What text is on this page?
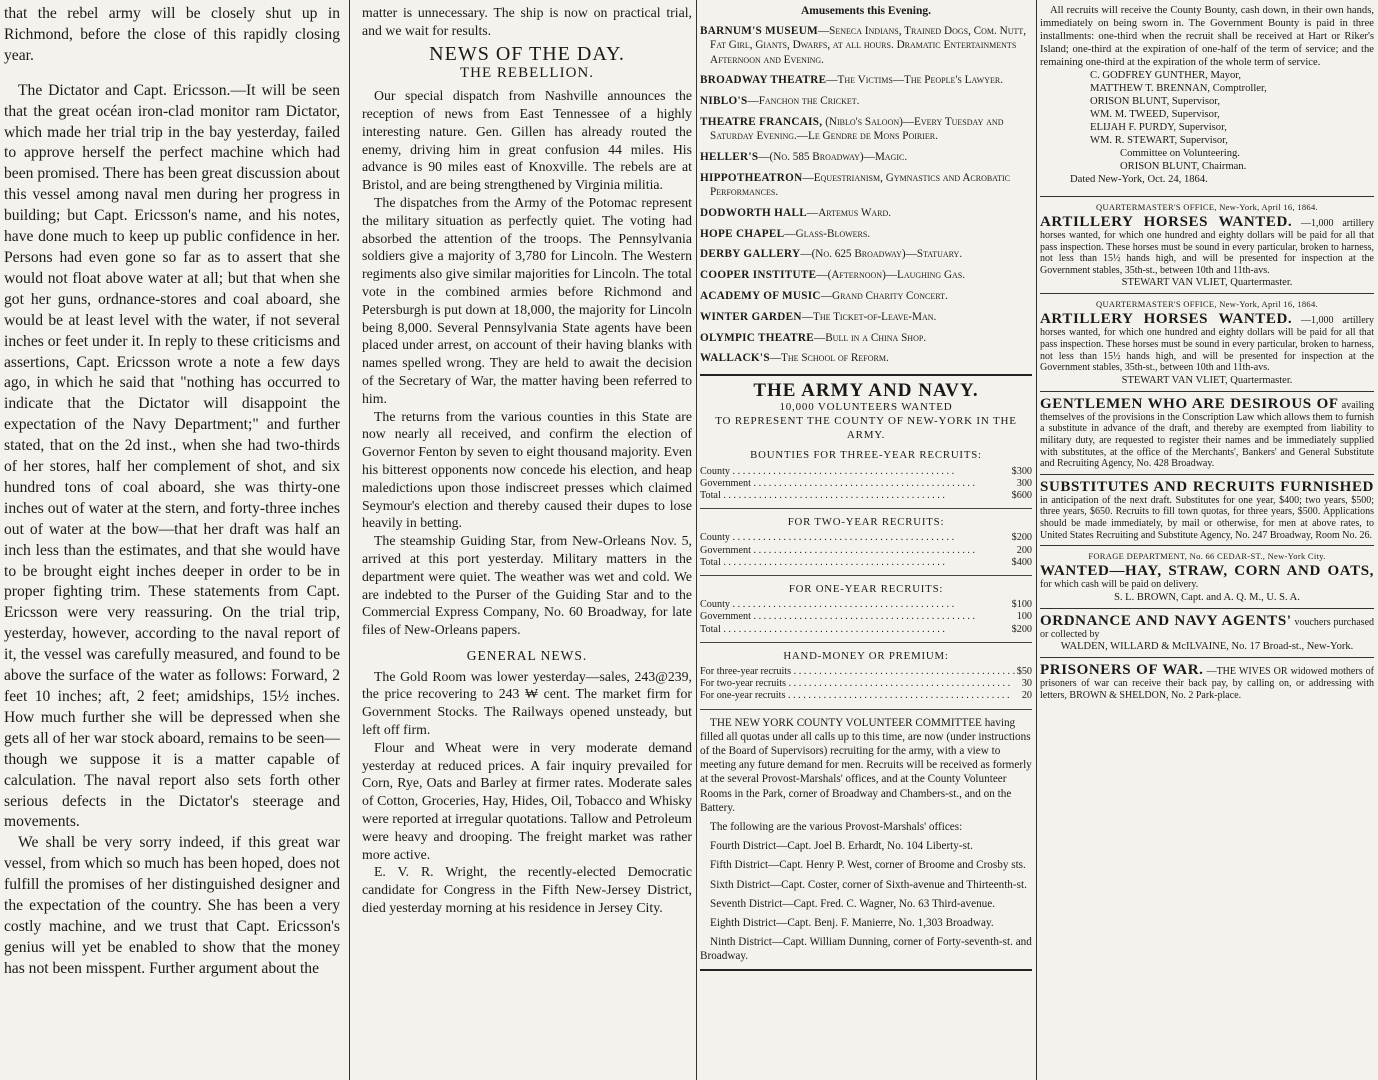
that the rebel army will be closely shut up in Richmond, before the close of this rapidly closing year.

The Dictator and Capt. Ericsson.—It will be seen that the great océan iron-clad monitor ram Dictator, which made her trial trip in the bay yesterday, failed to approve herself the perfect machine which had been promised. There has been great discussion about this vessel among naval men during her progress in building; but Capt. Ericsson's name, and his notes, have done much to keep up public confidence in her. Persons had even gone so far as to assert that she would not float above water at all; but that when she got her guns, ordnance-stores and coal aboard, she would be at least level with the water, if not several inches or feet under it. In reply to these criticisms and assertions, Capt. Ericsson wrote a note a few days ago, in which he said that "nothing has occurred to indicate that the Dictator will disappoint the expectation of the Navy Department;" and further stated, that on the 2d inst., when she had two-thirds of her stores, half her complement of shot, and six hundred tons of coal aboard, she was thirty-one inches out of water at the stern, and forty-three inches out of water at the bow—that her draft was half an inch less than the estimates, and that she would have to be brought eight inches deeper in order to be in proper fighting trim. These statements from Capt. Ericsson were very reassuring. On the trial trip, yesterday, however, according to the naval report of it, the vessel was carefully measured, and found to be above the surface of the water as follows: Forward, 2 feet 10 inches; aft, 2 feet; amidships, 15½ inches. How much further she will be depressed when she gets all of her war stock aboard, remains to be seen—though we suppose it is a matter capable of calculation. The naval report also sets forth other serious defects in the Dictator's steerage and movements.

We shall be very sorry indeed, if this great war vessel, from which so much has been hoped, does not fulfill the promises of her distinguished designer and the expectation of the country. She has been a very costly machine, and we trust that Capt. Ericsson's genius will yet be enabled to show that the money has not been misspent. Further argument about the

matter is unnecessary. The ship is now on practical trial, and we wait for results.

NEWS OF THE DAY.
THE REBELLION.

Our special dispatch from Nashville announces the reception of news from East Tennessee of a highly interesting nature. Gen. Gillen has already routed the enemy, driving him in great confusion 44 miles. His advance is 90 miles east of Knoxville. The rebels are at Bristol, and are being strengthened by Virginia militia.

The dispatches from the Army of the Potomac represent the military situation as perfectly quiet. The voting had absorbed the attention of the troops. The Pennsylvania soldiers give a majority of 3,780 for Lincoln. The Western regiments also give similar majorities for Lincoln. The total vote in the combined armies before Richmond and Petersburgh is put down at 18,000, the majority for Lincoln being 8,000. Several Pennsylvania State agents have been placed under arrest, on account of their having blanks with names spelled wrong. They are held to await the decision of the Secretary of War, the matter having been referred to him.

The returns from the various counties in this State are now nearly all received, and confirm the election of Governor Fenton by seven to eight thousand majority. Even his bitterest opponents now concede his election, and heap maledictions upon those indiscreet presses which claimed Seymour's election and thereby caused their dupes to lose heavily in betting.

The steamship Guiding Star, from New-Orleans Nov. 5, arrived at this port yesterday. Military matters in the department were quiet. The weather was wet and cold. We are indebted to the Purser of the Guiding Star and to the Commercial Express Company, No. 60 Broadway, for late files of New-Orleans papers.

GENERAL NEWS.

The Gold Room was lower yesterday—sales, 243@239, the price recovering to 243 ₩ cent. The market firm for Government Stocks. The Railways opened unsteady, but left off firm.

Flour and Wheat were in very moderate demand yesterday at reduced prices. A fair inquiry prevailed for Corn, Rye, Oats and Barley at firmer rates. Moderate sales of Cotton, Groceries, Hay, Hides, Oil, Tobacco and Whisky were reported at irregular quotations. Tallow and Petroleum were heavy and drooping. The freight market was rather more active.

E. V. R. Wright, the recently-elected Democratic candidate for Congress in the Fifth New-Jersey District, died yesterday morning at his residence in Jersey City.

Amusements this Evening.

BARNUM'S MUSEUM—Seneca Indians, Trained Dogs, Com. Nutt, Fat Girl, Giants, Dwarfs, at all hours. Dramatic Entertainments Afternoon and Evening.

BROADWAY THEATRE—The Victims—The People's Lawyer.

NIBLO'S—Fanchon the Cricket.

THEATRE FRANCAIS, (Niblo's Saloon)—Every Tuesday and Saturday Evening.—Le Gendre de Mons Poirier.

HELLER'S—(No. 585 Broadway)—Magic.

HIPPOTHEATRON—Equestrianism, Gymnastics and Acrobatic Performances.

DODWORTH HALL—Artemus Ward.

HOPE CHAPEL—Glass-Blowers.

DERBY GALLERY—(No. 625 Broadway)—Statuary.

COOPER INSTITUTE—(Afternoon)—Laughing Gas.

ACADEMY OF MUSIC—Grand Charity Concert.

WINTER GARDEN—The Ticket-of-Leave-Man.

OLYMPIC THEATRE—Bull in a China Shop.

WALLACK'S—The School of Reform.

THE ARMY AND NAVY.

10,000 VOLUNTEERS WANTED

TO REPRESENT THE COUNTY OF NEW-YORK IN THE ARMY.

BOUNTIES FOR THREE-YEAR RECRUITS:
County . . . . . . . . . . . . . . . . . . . . . . . . . . . . . . . . . . . . . . . . . . . .	$300
Government . . . . . . . . . . . . . . . . . . . . . . . . . . . . . . . . . . . . . . . . . . . .	300
Total . . . . . . . . . . . . . . . . . . . . . . . . . . . . . . . . . . . . . . . . . . . .	$600
FOR TWO-YEAR RECRUITS:
County . . . . . . . . . . . . . . . . . . . . . . . . . . . . . . . . . . . . . . . . . . . .	$200
Government . . . . . . . . . . . . . . . . . . . . . . . . . . . . . . . . . . . . . . . . . . . .	200
Total . . . . . . . . . . . . . . . . . . . . . . . . . . . . . . . . . . . . . . . . . . . .	$400
FOR ONE-YEAR RECRUITS:
County . . . . . . . . . . . . . . . . . . . . . . . . . . . . . . . . . . . . . . . . . . . .	$100
Government . . . . . . . . . . . . . . . . . . . . . . . . . . . . . . . . . . . . . . . . . . . .	100
Total . . . . . . . . . . . . . . . . . . . . . . . . . . . . . . . . . . . . . . . . . . . .	$200
HAND-MONEY OR PREMIUM:
For three-year recruits . . . . . . . . . . . . . . . . . . . . . . . . . . . . . . . . . . . . . . . . . . . . $50
For two-year recruits . . . . . . . . . . . . . . . . . . . . . . . . . . . . . . . . . . . . . . . . . . . .	30
For one-year recruits . . . . . . . . . . . . . . . . . . . . . . . . . . . . . . . . . . . . . . . . . . . .	20

THE NEW YORK COUNTY VOLUNTEER COMMITTEE having filled all quotas under all calls up to this time, are now (under instructions of the Board of Supervisors) recruiting for the army, with a view to meeting any future demand for men. Recruits will be received as formerly at the several Provost-Marshals' offices, and at the County Volunteer Rooms in the Park, corner of Broadway and Chambers-st., and on the Battery.

The following are the various Provost-Marshals' offices:

Fourth District—Capt. Joel B. Erhardt, No. 104 Liberty-st.

Fifth District—Capt. Henry P. West, corner of Broome and Crosby sts.

Sixth District—Capt. Coster, corner of Sixth-avenue and Thirteenth-st.

Seventh District—Capt. Fred. C. Wagner, No. 63 Third-avenue.

Eighth District—Capt. Benj. F. Manierre, No. 1,303 Broadway.

Ninth District—Capt. William Dunning, corner of Forty-seventh-st. and Broadway.

All recruits will receive the County Bounty, cash down, in their own hands, immediately on being sworn in. The Government Bounty is paid in three installments: one-third when the recruit shall be received at Hart or Riker's Island; one-third at the expiration of one-half of the term of service; and the remaining one-third at the expiration of the whole term of service.

C. GODFREY GUNTHER, Mayor,

MATTHEW T. BRENNAN, Comptroller,

ORISON BLUNT, Supervisor,

WM. M. TWEED, Supervisor,

ELIJAH F. PURDY, Supervisor,

WM. R. STEWART, Supervisor,

Committee on Volunteering.

ORISON BLUNT, Chairman.

Dated New-York, Oct. 24, 1864.

QUARTERMASTER'S OFFICE, New-York, April 16, 1864.
ARTILLERY HORSES WANTED. —1,000 artillery horses wanted, for which one hundred and eighty dollars will be paid for all that pass inspection. These horses must be sound in every particular, broken to harness, not less than 15½ hands high, and will be presented for inspection at the Government stables, 35th-st., between 10th and 11th-avs.
STEWART VAN VLIET, Quartermaster.
QUARTERMASTER'S OFFICE, New-York, April 16, 1864.
ARTILLERY HORSES WANTED. —1,000 artillery horses wanted, for which one hundred and eighty dollars will be paid for all that pass inspection. These horses must be sound in every particular, broken to harness, not less than 15½ hands high, and will be presented for inspection at the Government stables, 35th-st., between 10th and 11th-avs.
STEWART VAN VLIET, Quartermaster.
GENTLEMEN WHO ARE DESIROUS OF availing themselves of the provisions in the Conscription Law which allows them to furnish a substitute in advance of the draft, and thereby are exempted from liability to military duty, are requested to register their names and be immediately supplied with substitutes, at the office of the Merchants', Bankers' and General Substitute and Recruiting Agency, No. 428 Broadway.
SUBSTITUTES AND RECRUITS FURNISHED in anticipation of the next draft. Substitutes for one year, $400; two years, $500; three years, $650. Recruits to fill town quotas, for three years, $500. Applications should be made immediately, by mail or otherwise, for men at above rates, to United States Recruiting and Substitute Agency, No. 247 Broadway, Room No. 26.
FORAGE DEPARTMENT, No. 66 CEDAR-ST., New-York City.
WANTED—HAY, STRAW, CORN AND OATS, for which cash will be paid on delivery.
S. L. BROWN, Capt. and A. Q. M., U. S. A.
ORDNANCE AND NAVY AGENTS' vouchers purchased or collected by
WALDEN, WILLARD & McILVAINE, No. 17 Broad-st., New-York.
PRISONERS OF WAR. —THE WIVES OR widowed mothers of prisoners of war can receive their back pay, by calling on, or addressing with letters, BROWN & SHELDON, No. 2 Park-place.
